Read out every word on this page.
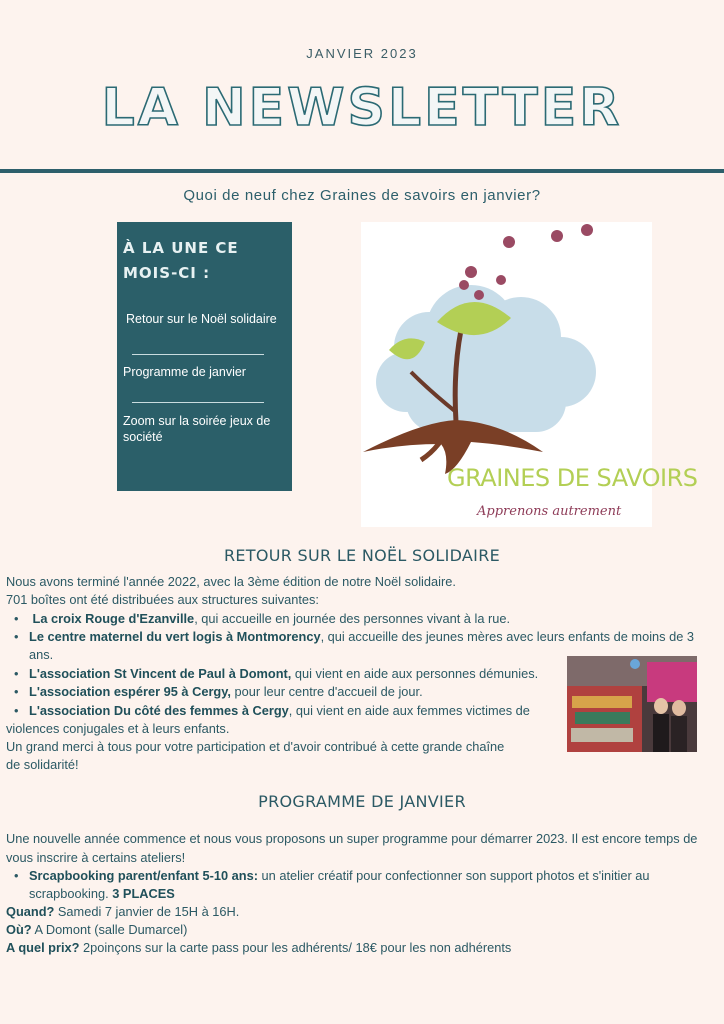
JANVIER 2023
LA NEWSLETTER
Quoi de neuf chez Graines de savoirs en janvier?
À LA UNE CE
MOIS-CI :
Retour sur le Noël solidaire
Programme de janvier
Zoom sur la soirée jeux de société
GRAINES DE SAVOIRS
Apprenons autrement
RETOUR SUR LE NOËL SOLIDAIRE
Nous avons terminé l'année 2022, avec la 3ème édition de notre Noël solidaire.
701 boîtes ont été distribuées aux structures suivantes:
• La croix Rouge d'Ezanville, qui accueille en journée des personnes vivant à la rue.
• Le centre maternel du vert logis à Montmorency, qui accueille des jeunes mères avec leurs enfants de moins de 3
ans.
• L'association St Vincent de Paul à Domont, qui vient en aide aux personnes démunies.
• L'association espérer 95 à Cergy, pour leur centre d'accueil de jour.
• L'association Du côté des femmes à Cergy, qui vient en aide aux femmes victimes de
violences conjugales et à leurs enfants.
Un grand merci à tous pour votre participation et d'avoir contribué à cette grande chaîne
de solidarité!
PROGRAMME DE JANVIER
Une nouvelle année commence et nous vous proposons un super programme pour démarrer 2023. Il est encore temps de
vous inscrire à certains ateliers!
• Srcapbooking parent/enfant 5-10 ans: un atelier créatif pour confectionner son support photos et s'initier au
scrapbooking. 3 PLACES
Quand? Samedi 7 janvier de 15H à 16H.
Où? A Domont (salle Dumarcel)
A quel prix? 2poinçons sur la carte pass pour les adhérents/ 18€ pour les non adhérents
